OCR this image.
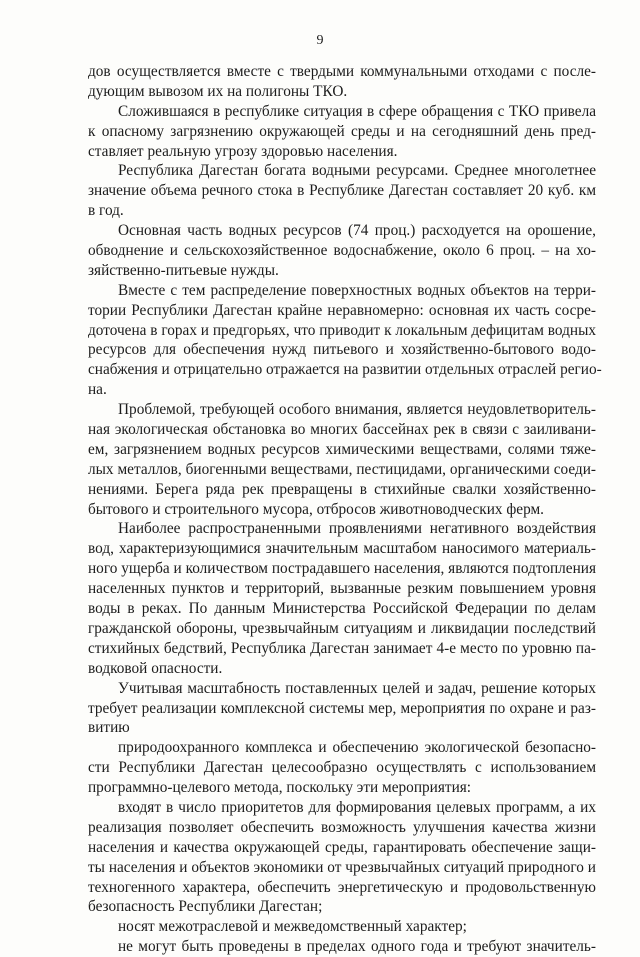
9
дов осуществляется вместе с твердыми коммунальными отходами с после-
дующим вывозом их на полигоны ТКО.
Сложившаяся в республике ситуация в сфере обращения с ТКО привела
к опасному загрязнению окружающей среды и на сегодняшний день пред-
ставляет реальную угрозу здоровью населения.
Республика Дагестан богата водными ресурсами. Среднее многолетнее
значение объема речного стока в Республике Дагестан составляет 20 куб. км
в год.
Основная часть водных ресурсов (74 проц.) расходуется на орошение,
обводнение и сельскохозяйственное водоснабжение, около 6 проц. – на хо-
зяйственно-питьевые нужды.
Вместе с тем распределение поверхностных водных объектов на терри-
тории Республики Дагестан крайне неравномерно: основная их часть сосре-
доточена в горах и предгорьях, что приводит к локальным дефицитам водных
ресурсов для обеспечения нужд питьевого и хозяйственно-бытового водо-
снабжения и отрицательно отражается на развитии отдельных отраслей регио-
на.
Проблемой, требующей особого внимания, является неудовлетворитель-
ная экологическая обстановка во многих бассейнах рек в связи с заиливани-
ем, загрязнением водных ресурсов химическими веществами, солями тяже-
лых металлов, биогенными веществами, пестицидами, органическими соеди-
нениями. Берега ряда рек превращены в стихийные свалки хозяйственно-
бытового и строительного мусора, отбросов животноводческих ферм.
Наиболее распространенными проявлениями негативного воздействия
вод, характеризующимися значительным масштабом наносимого материаль-
ного ущерба и количеством пострадавшего населения, являются подтопления
населенных пунктов и территорий, вызванные резким повышением уровня
воды в реках. По данным Министерства Российской Федерации по делам
гражданской обороны, чрезвычайным ситуациям и ликвидации последствий
стихийных бедствий, Республика Дагестан занимает 4-е место по уровню па-
водковой опасности.
Учитывая масштабность поставленных целей и задач, решение которых
требует реализации комплексной системы мер, мероприятия по охране и раз-
витию
природоохранного комплекса и обеспечению экологической безопасно-
сти Республики Дагестан целесообразно осуществлять с использованием
программно-целевого метода, поскольку эти мероприятия:
входят в число приоритетов для формирования целевых программ, а их
реализация позволяет обеспечить возможность улучшения качества жизни
населения и качества окружающей среды, гарантировать обеспечение защи-
ты населения и объектов экономики от чрезвычайных ситуаций природного и
техногенного характера, обеспечить энергетическую и продовольственную
безопасность Республики Дагестан;
носят межотраслевой и межведомственный характер;
не могут быть проведены в пределах одного года и требуют значитель-
